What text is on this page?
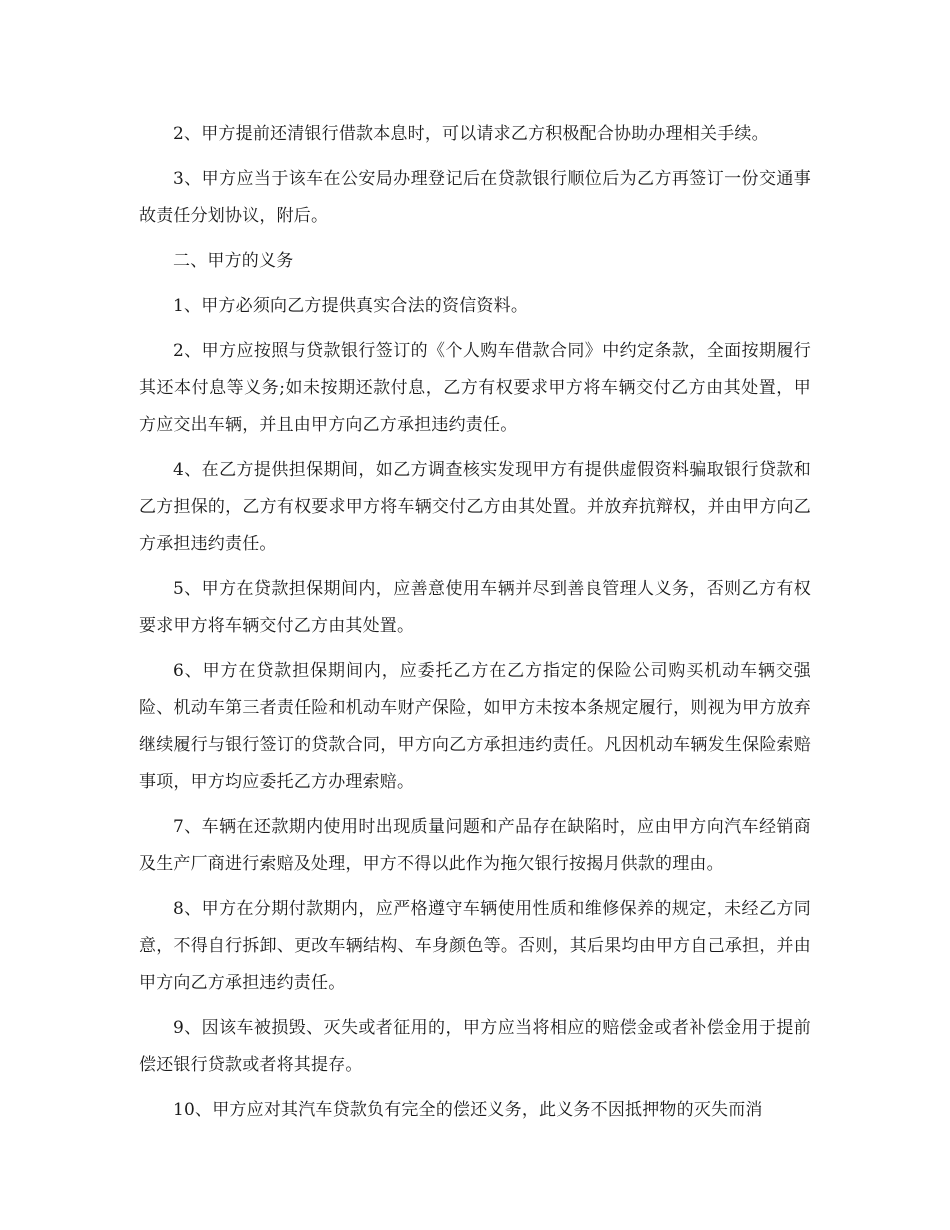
2、甲方提前还清银行借款本息时，可以请求乙方积极配合协助办理相关手续。

3、甲方应当于该车在公安局办理登记后在贷款银行顺位后为乙方再签订一份交通事故责任分划协议，附后。

二、甲方的义务

1、甲方必须向乙方提供真实合法的资信资料。

2、甲方应按照与贷款银行签订的《个人购车借款合同》中约定条款，全面按期履行其还本付息等义务;如未按期还款付息，乙方有权要求甲方将车辆交付乙方由其处置，甲方应交出车辆，并且由甲方向乙方承担违约责任。

4、在乙方提供担保期间，如乙方调查核实发现甲方有提供虚假资料骗取银行贷款和乙方担保的，乙方有权要求甲方将车辆交付乙方由其处置。并放弃抗辩权，并由甲方向乙方承担违约责任。

5、甲方在贷款担保期间内，应善意使用车辆并尽到善良管理人义务，否则乙方有权要求甲方将车辆交付乙方由其处置。

6、甲方在贷款担保期间内，应委托乙方在乙方指定的保险公司购买机动车辆交强险、机动车第三者责任险和机动车财产保险，如甲方未按本条规定履行，则视为甲方放弃继续履行与银行签订的贷款合同，甲方向乙方承担违约责任。凡因机动车辆发生保险索赔事项，甲方均应委托乙方办理索赔。

7、车辆在还款期内使用时出现质量问题和产品存在缺陷时，应由甲方向汽车经销商及生产厂商进行索赔及处理，甲方不得以此作为拖欠银行按揭月供款的理由。

8、甲方在分期付款期内，应严格遵守车辆使用性质和维修保养的规定，未经乙方同意，不得自行拆卸、更改车辆结构、车身颜色等。否则，其后果均由甲方自己承担，并由甲方向乙方承担违约责任。

9、因该车被损毁、灭失或者征用的，甲方应当将相应的赔偿金或者补偿金用于提前偿还银行贷款或者将其提存。

10、甲方应对其汽车贷款负有完全的偿还义务，此义务不因抵押物的灭失而消
